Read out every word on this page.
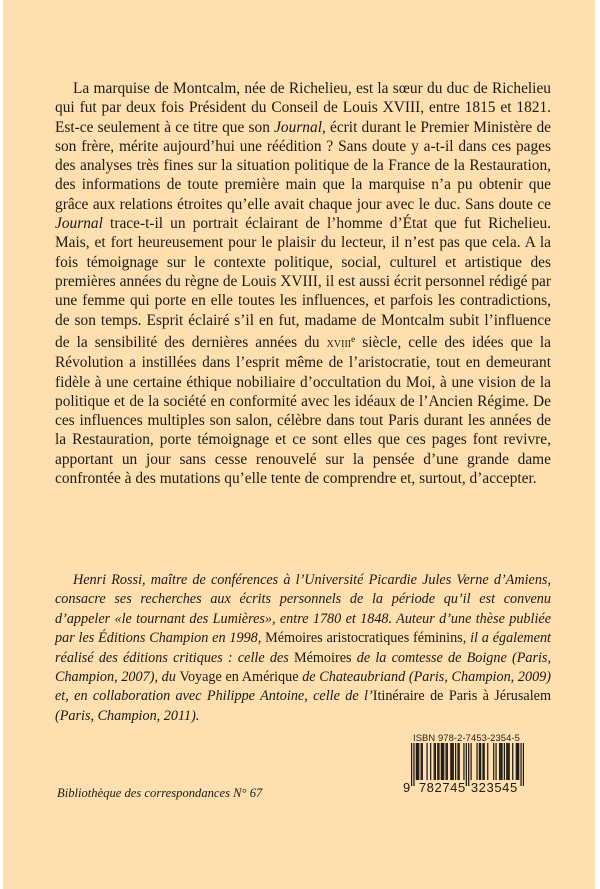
La marquise de Montcalm, née de Richelieu, est la sœur du duc de Richelieu qui fut par deux fois Président du Conseil de Louis XVIII, entre 1815 et 1821. Est-ce seulement à ce titre que son Journal, écrit durant le Premier Ministère de son frère, mérite aujourd’hui une réédition ? Sans doute y a-t-il dans ces pages des analyses très fines sur la situation politique de la France de la Restauration, des informations de toute première main que la marquise n’a pu obtenir que grâce aux relations étroites qu’elle avait chaque jour avec le duc. Sans doute ce Journal trace-t-il un portrait éclairant de l’homme d’État que fut Richelieu. Mais, et fort heureusement pour le plaisir du lecteur, il n’est pas que cela. A la fois témoignage sur le contexte politique, social, culturel et artistique des premières années du règne de Louis XVIII, il est aussi écrit personnel rédigé par une femme qui porte en elle toutes les influences, et parfois les contradictions, de son temps. Esprit éclairé s’il en fut, madame de Montcalm subit l’influence de la sensibilité des dernières années du xviii$^e$ siècle, celle des idées que la Révolution a instillées dans l’esprit même de l’aristocratie, tout en demeurant fidèle à une certaine éthique nobiliaire d’occultation du Moi, à une vision de la politique et de la société en conformité avec les idéaux de l’Ancien Régime. De ces influences multiples son salon, célèbre dans tout Paris durant les années de la Restauration, porte témoignage et ce sont elles que ces pages font revivre, apportant un jour sans cesse renouvelé sur la pensée d’une grande dame confrontée à des mutations qu’elle tente de comprendre et, surtout, d’accepter.

Henri Rossi, maître de conférences à l’Université Picardie Jules Verne d’Amiens, consacre ses recherches aux écrits personnels de la période qu’il est convenu d’appeler «le tournant des Lumières», entre 1780 et 1848. Auteur d’une thèse publiée par les Éditions Champion en 1998, Mémoires aristocratiques féminins, il a également réalisé des éditions critiques : celle des Mémoires de la comtesse de Boigne (Paris, Champion, 2007), du Voyage en Amérique de Chateaubriand (Paris, Champion, 2009) et, en collaboration avec Philippe Antoine, celle de l’Itinéraire de Paris à Jérusalem (Paris, Champion, 2011).

Bibliothèque des correspondances N° 67
ISBN 978-2-7453-2354-5
9 782745 323545
